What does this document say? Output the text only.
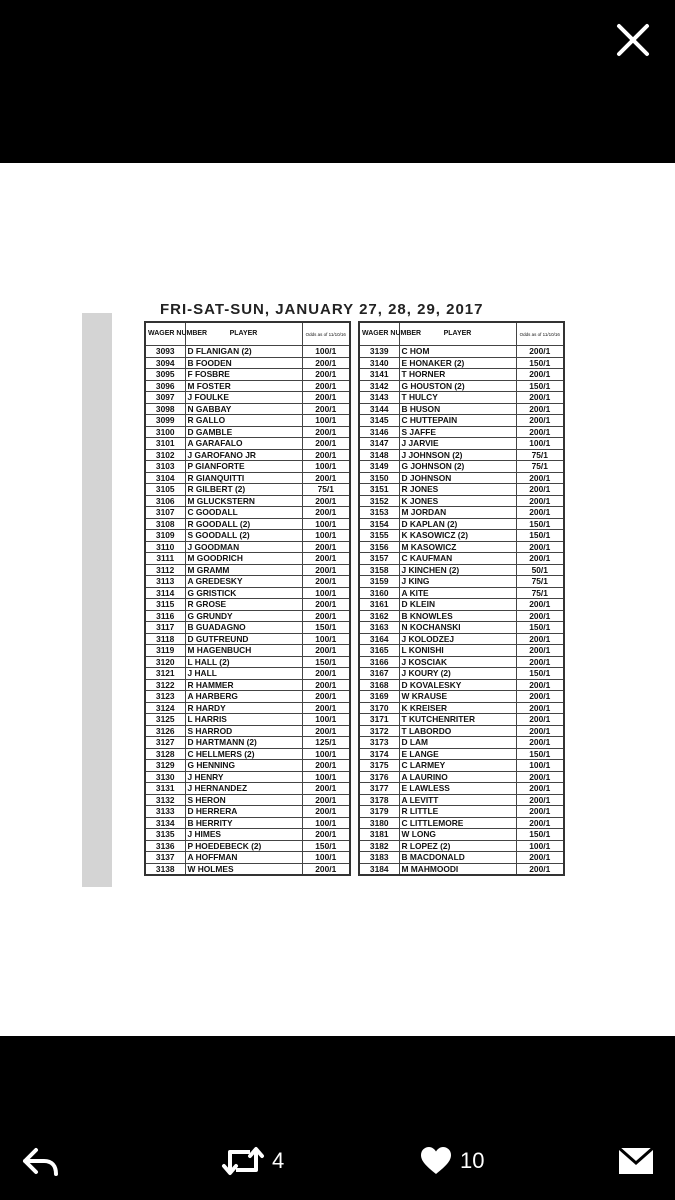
FRI-SAT-SUN, JANUARY 27, 28, 29, 2017
WAGER NUMBER	PLAYER	Odds as of 11/10/16
3093	D FLANIGAN (2)	100/1
3094	B FOODEN	200/1
3095	F FOSBRE	200/1
3096	M FOSTER	200/1
3097	J FOULKE	200/1
3098	N GABBAY	200/1
3099	R GALLO	100/1
3100	D GAMBLE	200/1
3101	A GARAFALO	200/1
3102	J GAROFANO JR	200/1
3103	P GIANFORTE	100/1
3104	R GIANQUITTI	200/1
3105	R GILBERT (2)	75/1
3106	M GLUCKSTERN	200/1
3107	C GOODALL	200/1
3108	R GOODALL (2)	100/1
3109	S GOODALL (2)	100/1
3110	J GOODMAN	200/1
3111	M GOODRICH	200/1
3112	M GRAMM	200/1
3113	A GREDESKY	200/1
3114	G GRISTICK	100/1
3115	R GROSE	200/1
3116	G GRUNDY	200/1
3117	B GUADAGNO	150/1
3118	D GUTFREUND	100/1
3119	M HAGENBUCH	200/1
3120	L HALL (2)	150/1
3121	J HALL	200/1
3122	R HAMMER	200/1
3123	A HARBERG	200/1
3124	R HARDY	200/1
3125	L HARRIS	100/1
3126	S HARROD	200/1
3127	D HARTMANN (2)	125/1
3128	C HELLMERS (2)	100/1
3129	G HENNING	200/1
3130	J HENRY	100/1
3131	J HERNANDEZ	200/1
3132	S HERON	200/1
3133	D HERRERA	200/1
3134	B HERRITY	100/1
3135	J HIMES	200/1
3136	P HOEDEBECK (2)	150/1
3137	A HOFFMAN	100/1
3138	W HOLMES	200/1
WAGER NUMBER	PLAYER	Odds as of 11/10/16
3139	C HOM	200/1
3140	E HONAKER (2)	150/1
3141	T HORNER	200/1
3142	G HOUSTON (2)	150/1
3143	T HULCY	200/1
3144	B HUSON	200/1
3145	C HUTTEPAIN	200/1
3146	S JAFFE	200/1
3147	J JARVIE	100/1
3148	J JOHNSON (2)	75/1
3149	G JOHNSON (2)	75/1
3150	D JOHNSON	200/1
3151	R JONES	200/1
3152	K JONES	200/1
3153	M JORDAN	200/1
3154	D KAPLAN (2)	150/1
3155	K KASOWICZ (2)	150/1
3156	M KASOWICZ	200/1
3157	C KAUFMAN	200/1
3158	J KINCHEN (2)	50/1
3159	J KING	75/1
3160	A KITE	75/1
3161	D KLEIN	200/1
3162	B KNOWLES	200/1
3163	N KOCHANSKI	150/1
3164	J KOLODZEJ	200/1
3165	L KONISHI	200/1
3166	J KOSCIAK	200/1
3167	J KOURY (2)	150/1
3168	D KOVALESKY	200/1
3169	W KRAUSE	200/1
3170	K KREISER	200/1
3171	T KUTCHENRITER	200/1
3172	T LABORDO	200/1
3173	D LAM	200/1
3174	E LANGE	150/1
3175	C LARMEY	100/1
3176	A LAURINO	200/1
3177	E LAWLESS	200/1
3178	A LEVITT	200/1
3179	R LITTLE	200/1
3180	C LITTLEMORE	200/1
3181	W LONG	150/1
3182	R LOPEZ (2)	100/1
3183	B MACDONALD	200/1
3184	M MAHMOODI	200/1
4	10
